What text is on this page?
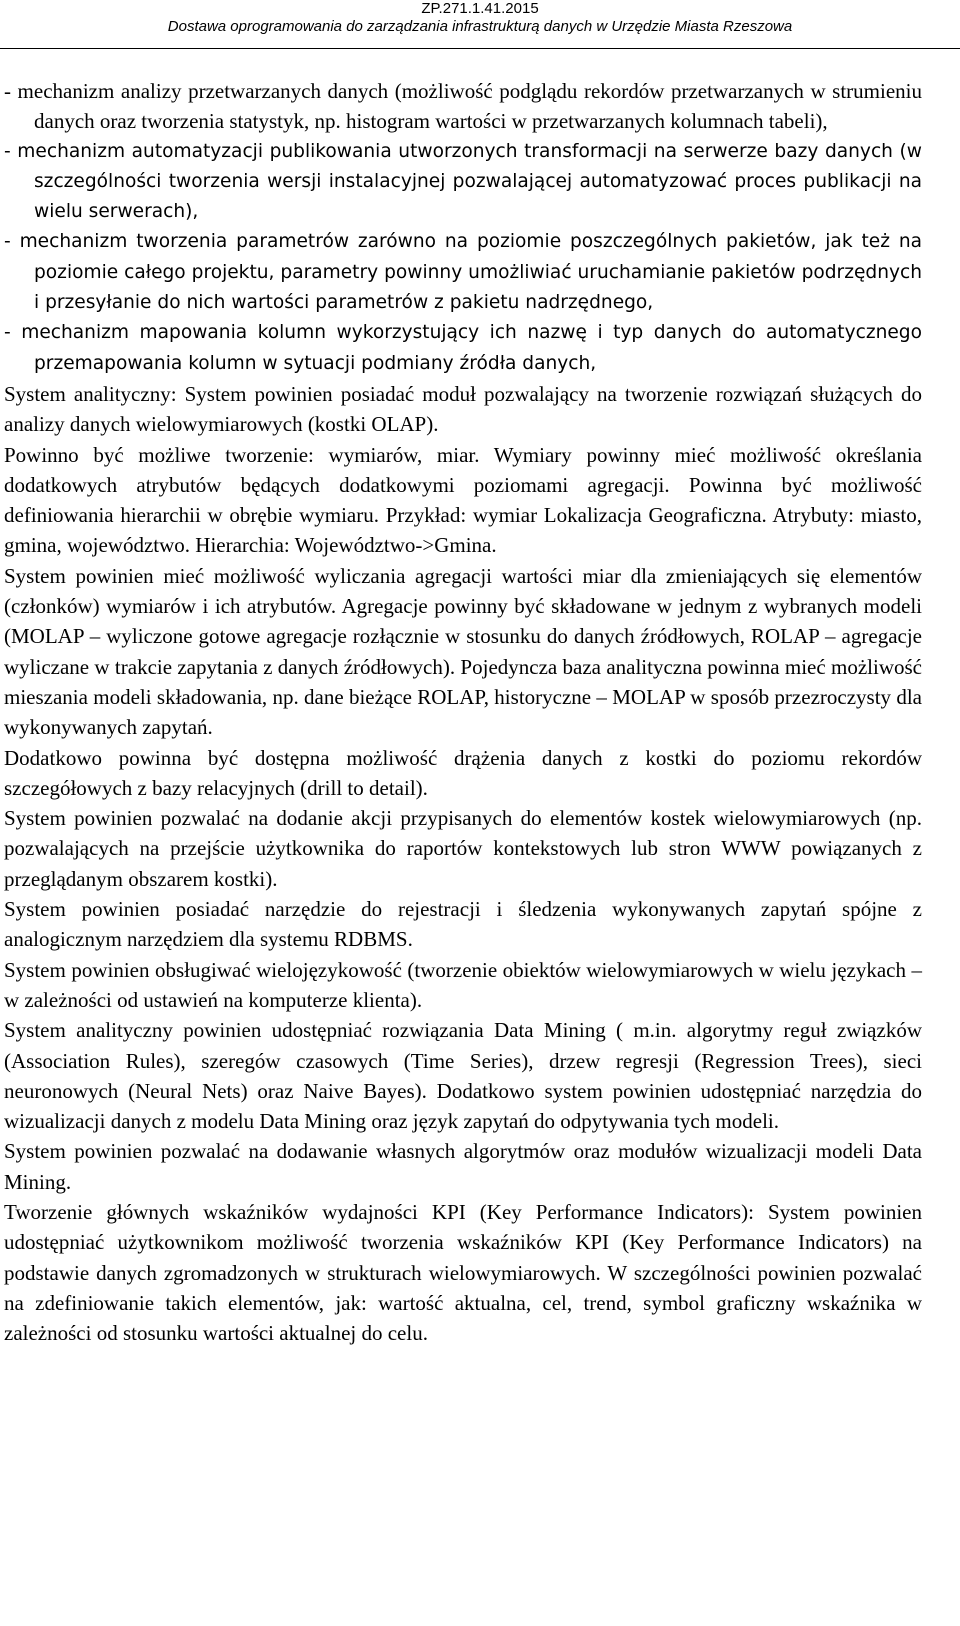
ZP.271.1.41.2015
Dostawa oprogramowania do zarządzania infrastrukturą danych w Urzędzie Miasta Rzeszowa

- mechanizm analizy przetwarzanych danych (możliwość podglądu rekordów przetwarzanych w strumieniu danych oraz tworzenia statystyk, np. histogram wartości w przetwarzanych kolumnach tabeli),

- mechanizm automatyzacji publikowania utworzonych transformacji na serwerze bazy danych (w szczególności tworzenia wersji instalacyjnej pozwalającej automatyzować proces publikacji na wielu serwerach),

- mechanizm tworzenia parametrów zarówno na poziomie poszczególnych pakietów, jak też na poziomie całego projektu, parametry powinny umożliwiać uruchamianie pakietów podrzędnych i przesyłanie do nich wartości parametrów z pakietu nadrzędnego,

- mechanizm mapowania kolumn wykorzystujący ich nazwę i typ danych do automatycznego przemapowania kolumn w sytuacji podmiany źródła danych,

System analityczny: System powinien posiadać moduł pozwalający na tworzenie rozwiązań służących do analizy danych wielowymiarowych (kostki OLAP).

Powinno być możliwe tworzenie: wymiarów, miar. Wymiary powinny mieć możliwość określania dodatkowych atrybutów będących dodatkowymi poziomami agregacji. Powinna być możliwość definiowania hierarchii w obrębie wymiaru. Przykład: wymiar Lokalizacja Geograficzna. Atrybuty: miasto, gmina, województwo. Hierarchia: Województwo->Gmina.

System powinien mieć możliwość wyliczania agregacji wartości miar dla zmieniających się elementów (członków) wymiarów i ich atrybutów. Agregacje powinny być składowane w jednym z wybranych modeli (MOLAP – wyliczone gotowe agregacje rozłącznie w stosunku do danych źródłowych, ROLAP – agregacje wyliczane w trakcie zapytania z danych źródłowych). Pojedyncza baza analityczna powinna mieć możliwość mieszania modeli składowania, np. dane bieżące ROLAP, historyczne – MOLAP w sposób przezroczysty dla wykonywanych zapytań.

Dodatkowo powinna być dostępna możliwość drążenia danych z kostki do poziomu rekordów szczegółowych z bazy relacyjnych (drill to detail).

System powinien pozwalać na dodanie akcji przypisanych do elementów kostek wielowymiarowych (np. pozwalających na przejście użytkownika do raportów kontekstowych lub stron WWW powiązanych z przeglądanym obszarem kostki).

System powinien posiadać narzędzie do rejestracji i śledzenia wykonywanych zapytań spójne z analogicznym narzędziem dla systemu RDBMS.

System powinien obsługiwać wielojęzykowość (tworzenie obiektów wielowymiarowych w wielu językach – w zależności od ustawień na komputerze klienta).

System analityczny powinien udostępniać rozwiązania Data Mining ( m.in. algorytmy reguł związków (Association Rules), szeregów czasowych (Time Series), drzew regresji (Regression Trees), sieci neuronowych (Neural Nets) oraz Naive Bayes). Dodatkowo system powinien udostępniać narzędzia do wizualizacji danych z modelu Data Mining oraz język zapytań do odpytywania tych modeli.

System powinien pozwalać na dodawanie własnych algorytmów oraz modułów wizualizacji modeli Data Mining.

Tworzenie głównych wskaźników wydajności KPI (Key Performance Indicators): System powinien udostępniać użytkownikom możliwość tworzenia wskaźników KPI (Key Performance Indicators) na podstawie danych zgromadzonych w strukturach wielowymiarowych. W szczególności powinien pozwalać na zdefiniowanie takich elementów, jak: wartość aktualna, cel, trend, symbol graficzny wskaźnika w zależności od stosunku wartości aktualnej do celu.
